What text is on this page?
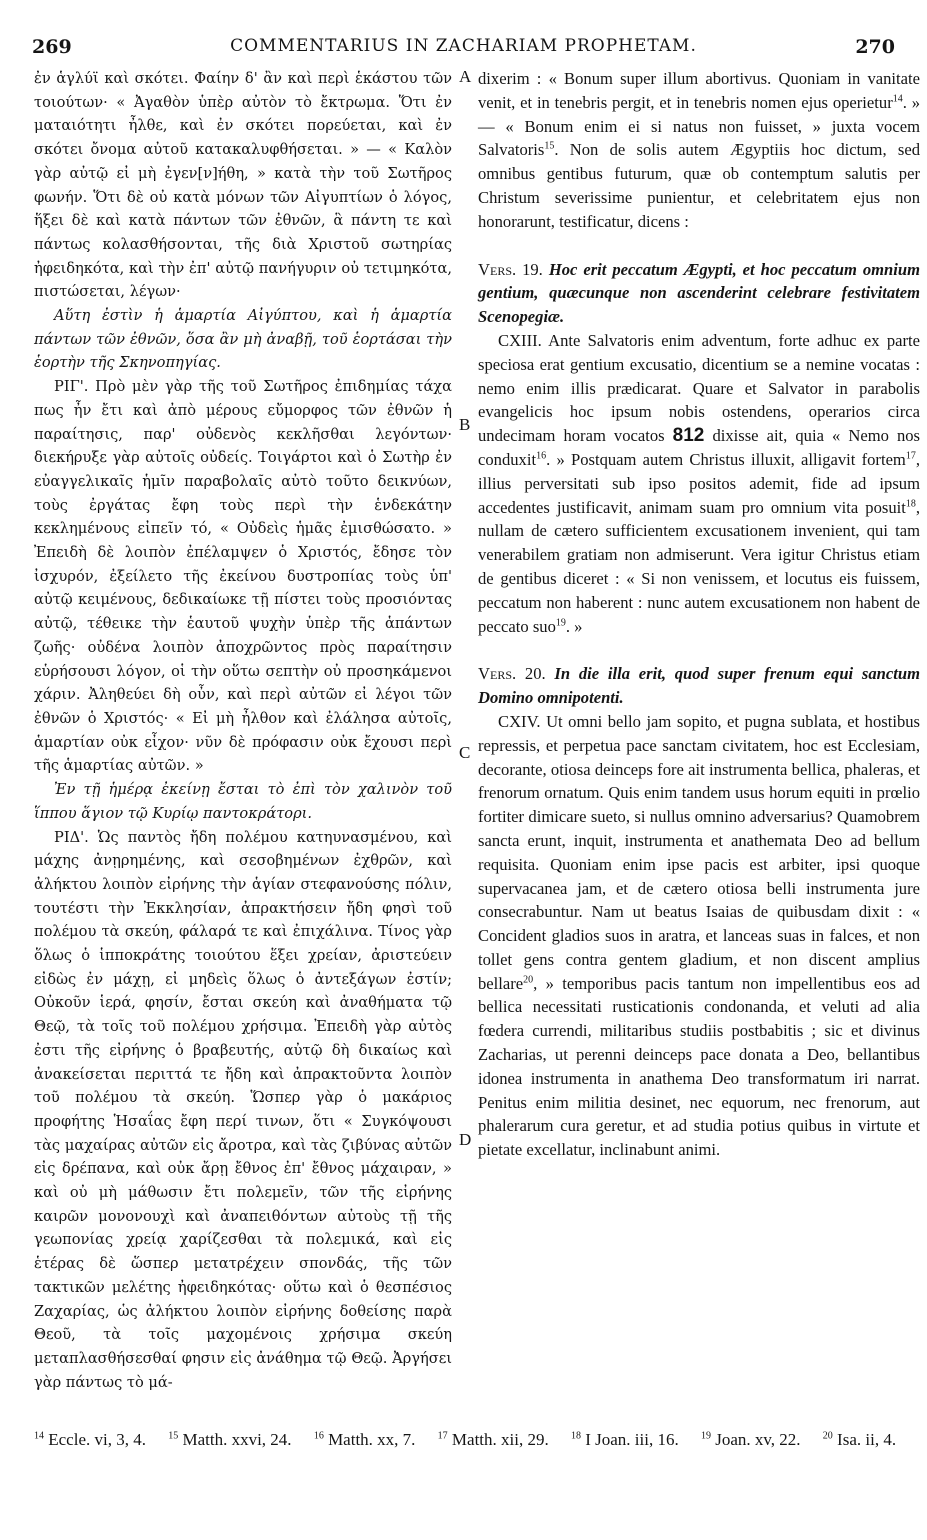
269	COMMENTARIUS IN ZACHARIAM PROPHETAM.	270
A
B
C
D

ἐν ἁγλύϊ καὶ σκότει. Φαίην δ' ἂν καὶ περὶ ἑκάστου τῶν τοιούτων· « Ἀγαθὸν ὑπὲρ αὐτὸν τὸ ἔκτρωμα. Ὅτι ἐν ματαιότητι ἦλθε, καὶ ἐν σκότει πορεύεται, καὶ ἐν σκότει ὄνομα αὐτοῦ κατακαλυφθήσεται. » — « Καλὸν γὰρ αὐτῷ εἰ μὴ ἐγεν[ν]ήθη, » κατὰ τὴν τοῦ Σωτῆρος φωνήν. Ὅτι δὲ οὐ κατὰ μόνων τῶν Αἰγυπτίων ὁ λόγος, ἥξει δὲ καὶ κατὰ πάντων τῶν ἐθνῶν, ἃ πάντη τε καὶ πάντως κολασθήσονται, τῆς διὰ Χριστοῦ σωτηρίας ἠφειδηκότα, καὶ τὴν ἐπ' αὐτῷ πανήγυριν οὐ τετιμηκότα, πιστώσεται, λέγων·

Αὕτη ἐστὶν ἡ ἁμαρτία Αἰγύπτου, καὶ ἡ ἁμαρτία πάντων τῶν ἐθνῶν, ὅσα ἂν μὴ ἀναβῇ, τοῦ ἑορτάσαι τὴν ἑορτὴν τῆς Σκηνοπηγίας.

ΡΙΓ'. Πρὸ μὲν γὰρ τῆς τοῦ Σωτῆρος ἐπιδημίας τάχα πως ἦν ἔτι καὶ ἀπὸ μέρους εὔμορφος τῶν ἐθνῶν ἡ παραίτησις, παρ' οὐδενὸς κεκλῆσθαι λεγόντων· διεκήρυξε γὰρ αὐτοῖς οὐδείς. Τοιγάρτοι καὶ ὁ Σωτὴρ ἐν εὐαγγελικαῖς ἡμῖν παραβολαῖς αὐτὸ τοῦτο δεικνύων, τοὺς ἐργάτας ἔφη τοὺς περὶ τὴν ἑνδεκάτην κεκλημένους εἰπεῖν τό, « Οὐδεὶς ἡμᾶς ἐμισθώσατο. » Ἐπειδὴ δὲ λοιπὸν ἐπέλαμψεν ὁ Χριστός, ἔδησε τὸν ἰσχυρόν, ἐξείλετο τῆς ἐκείνου δυστροπίας τοὺς ὑπ' αὐτῷ κειμένους, δεδικαίωκε τῇ πίστει τοὺς προσιόντας αὐτῷ, τέθεικε τὴν ἑαυτοῦ ψυχὴν ὑπὲρ τῆς ἁπάντων ζωῆς· οὐδένα λοιπὸν ἀποχρῶντος πρὸς παραίτησιν εὑρήσουσι λόγον, οἱ τὴν οὕτω σεπτὴν οὐ προσηκάμενοι χάριν. Ἀληθεύει δὴ οὖν, καὶ περὶ αὐτῶν εἰ λέγοι τῶν ἐθνῶν ὁ Χριστός· « Εἰ μὴ ἦλθον καὶ ἐλάλησα αὐτοῖς, ἁμαρτίαν οὐκ εἶχον· νῦν δὲ πρόφασιν οὐκ ἔχουσι περὶ τῆς ἁμαρτίας αὐτῶν. »

Ἐν τῇ ἡμέρᾳ ἐκείνῃ ἔσται τὸ ἐπὶ τὸν χαλινὸν τοῦ ἵππου ἅγιον τῷ Κυρίῳ παντοκράτορι.

ΡΙΔ'. Ὡς παντὸς ἤδη πολέμου κατηυνασμένου, καὶ μάχης ἀνῃρημένης, καὶ σεσοβημένων ἐχθρῶν, καὶ ἀλήκτου λοιπὸν εἰρήνης τὴν ἁγίαν στεφανούσης πόλιν, τουτέστι τὴν Ἐκκλησίαν, ἀπρακτήσειν ἤδη φησὶ τοῦ πολέμου τὰ σκεύη, φάλαρά τε καὶ ἐπιχάλινα. Τίνος γὰρ ὅλως ὁ ἱπποκράτης τοιούτου ἕξει χρείαν, ἀριστεύειν εἰδὼς ἐν μάχῃ, εἰ μηδεὶς ὅλως ὁ ἀντεξάγων ἐστίν; Οὐκοῦν ἱερά, φησίν, ἔσται σκεύη καὶ ἀναθήματα τῷ Θεῷ, τὰ τοῖς τοῦ πολέμου χρήσιμα. Ἐπειδὴ γὰρ αὐτὸς ἐστι τῆς εἰρήνης ὁ βραβευτής, αὐτῷ δὴ δικαίως καὶ ἀνακείσεται περιττά τε ἤδη καὶ ἀπρακτοῦντα λοιπὸν τοῦ πολέμου τὰ σκεύη. Ὥσπερ γὰρ ὁ μακάριος προφήτης Ἡσαΐας ἔφη περί τινων, ὅτι « Συγκόψουσι τὰς μαχαίρας αὐτῶν εἰς ἄροτρα, καὶ τὰς ζιβύνας αὐτῶν εἰς δρέπανα, καὶ οὐκ ἄρῃ ἔθνος ἐπ' ἔθνος μάχαιραν, » καὶ οὐ μὴ μάθωσιν ἔτι πολεμεῖν, τῶν τῆς εἰρήνης καιρῶν μονονουχὶ καὶ ἀναπειθόντων αὐτοὺς τῇ τῆς γεωπονίας χρείᾳ χαρίζεσθαι τὰ πολεμικά, καὶ εἰς ἑτέρας δὲ ὥσπερ μετατρέχειν σπονδάς, τῆς τῶν τακτικῶν μελέτης ἠφειδηκότας· οὕτω καὶ ὁ θεσπέσιος Ζαχαρίας, ὡς ἀλήκτου λοιπὸν εἰρήνης δοθείσης παρὰ Θεοῦ, τὰ τοῖς μαχομένοις χρήσιμα σκεύη μεταπλασθήσεσθαί φησιν εἰς ἀνάθημα τῷ Θεῷ. Ἀργήσει γὰρ πάντως τὸ μά-

dixerim : « Bonum super illum abortivus. Quoniam in vanitate venit, et in tenebris pergit, et in tenebris nomen ejus operietur$^{14}$. » — « Bonum enim ei si natus non fuisset, » juxta vocem Salvatoris$^{15}$. Non de solis autem Ægyptiis hoc dictum, sed omnibus gentibus futurum, quæ ob contemptum salutis per Christum severissime punientur, et celebritatem ejus non honorarunt, testificatur, dicens :

Vers. 19. Hoc erit peccatum Ægypti, et hoc peccatum omnium gentium, quæcunque non ascenderint celebrare festivitatem Scenopegiæ.

CXIII. Ante Salvatoris enim adventum, forte adhuc ex parte speciosa erat gentium excusatio, dicentium se a nemine vocatas : nemo enim illis prædicarat. Quare et Salvator in parabolis evangelicis hoc ipsum nobis ostendens, operarios circa undecimam horam vocatos 812 dixisse ait, quia « Nemo nos conduxit$^{16}$. » Postquam autem Christus illuxit, alligavit fortem$^{17}$, illius perversitati sub ipso positos ademit, fide ad ipsum accedentes justificavit, animam suam pro omnium vita posuit$^{18}$, nullam de cætero sufficientem excusationem invenient, qui tam venerabilem gratiam non admiserunt. Vera igitur Christus etiam de gentibus diceret : « Si non venissem, et locutus eis fuissem, peccatum non haberent : nunc autem excusationem non habent de peccato suo$^{19}$. »

Vers. 20. In die illa erit, quod super frenum equi sanctum Domino omnipotenti.

CXIV. Ut omni bello jam sopito, et pugna sublata, et hostibus repressis, et perpetua pace sanctam civitatem, hoc est Ecclesiam, decorante, otiosa deinceps fore ait instrumenta bellica, phaleras, et frenorum ornatum. Quis enim tandem usus horum equiti in prœlio fortiter dimicare sueto, si nullus omnino adversarius? Quamobrem sancta erunt, inquit, instrumenta et anathemata Deo ad bellum requisita. Quoniam enim ipse pacis est arbiter, ipsi quoque supervacanea jam, et de cætero otiosa belli instrumenta jure consecrabuntur. Nam ut beatus Isaias de quibusdam dixit : « Concident gladios suos in aratra, et lanceas suas in falces, et non tollet gens contra gentem gladium, et non discent amplius bellare$^{20}$, » temporibus pacis tantum non impellentibus eos ad bellica necessitati rusticationis condonanda, et veluti ad alia fœdera currendi, militaribus studiis postbabitis ; sic et divinus Zacharias, ut perenni deinceps pace donata a Deo, bellantibus idonea instrumenta in anathema Deo transformatum iri narrat. Penitus enim militia desinet, nec equorum, nec frenorum, aut phalerarum cura geretur, et ad studia potius quibus in virtute et pietate excellatur, inclinabunt animi.

$^{14}$ Eccle. vi, 3, 4. $^{15}$ Matth. xxvi, 24. $^{16}$ Matth. xx, 7. $^{17}$ Matth. xii, 29. $^{18}$ I Joan. iii, 16. $^{19}$ Joan. xv, 22. $^{20}$ Isa. ii, 4.
